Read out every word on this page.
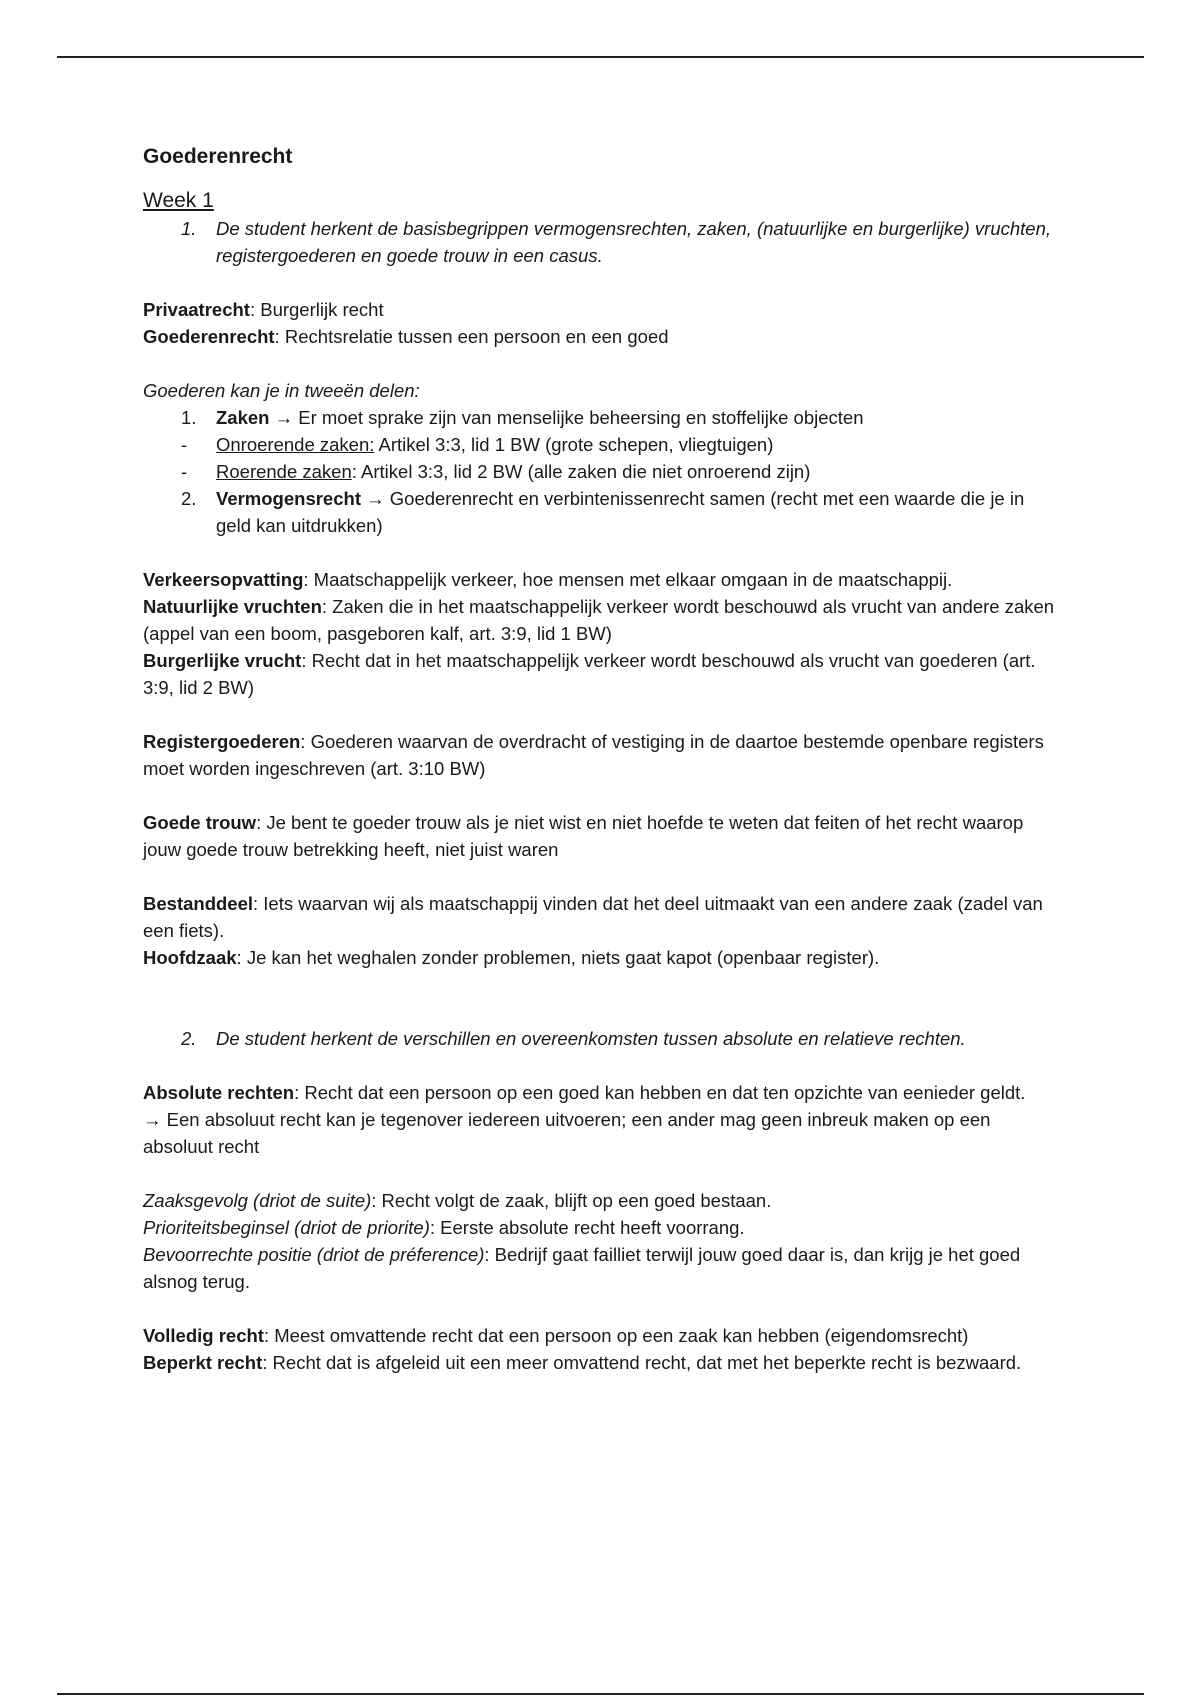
Goederenrecht
Week 1
1. De student herkent de basisbegrippen vermogensrechten, zaken, (natuurlijke en burgerlijke) vruchten, registergoederen en goede trouw in een casus.
Privaatrecht: Burgerlijk recht
Goederenrecht: Rechtsrelatie tussen een persoon en een goed
Goederen kan je in tweeën delen:
1. Zaken → Er moet sprake zijn van menselijke beheersing en stoffelijke objecten
- Onroerende zaken: Artikel 3:3, lid 1 BW (grote schepen, vliegtuigen)
- Roerende zaken: Artikel 3:3, lid 2 BW (alle zaken die niet onroerend zijn)
2. Vermogensrecht → Goederenrecht en verbintenissenrecht samen (recht met een waarde die je in geld kan uitdrukken)
Verkeersopvatting: Maatschappelijk verkeer, hoe mensen met elkaar omgaan in de maatschappij.
Natuurlijke vruchten: Zaken die in het maatschappelijk verkeer wordt beschouwd als vrucht van andere zaken (appel van een boom, pasgeboren kalf, art. 3:9, lid 1 BW)
Burgerlijke vrucht: Recht dat in het maatschappelijk verkeer wordt beschouwd als vrucht van goederen (art. 3:9, lid 2 BW)
Registergoederen: Goederen waarvan de overdracht of vestiging in de daartoe bestemde openbare registers moet worden ingeschreven (art. 3:10 BW)
Goede trouw: Je bent te goeder trouw als je niet wist en niet hoefde te weten dat feiten of het recht waarop jouw goede trouw betrekking heeft, niet juist waren
Bestanddeel: Iets waarvan wij als maatschappij vinden dat het deel uitmaakt van een andere zaak (zadel van een fiets).
Hoofdzaak: Je kan het weghalen zonder problemen, niets gaat kapot (openbaar register).
2. De student herkent de verschillen en overeenkomsten tussen absolute en relatieve rechten.
Absolute rechten: Recht dat een persoon op een goed kan hebben en dat ten opzichte van eenieder geldt.
→ Een absoluut recht kan je tegenover iedereen uitvoeren; een ander mag geen inbreuk maken op een absoluut recht
Zaaksgevolg (driot de suite): Recht volgt de zaak, blijft op een goed bestaan.
Prioriteitsbeginsel (driot de priorite): Eerste absolute recht heeft voorrang.
Bevoorrechte positie (driot de préference): Bedrijf gaat failliet terwijl jouw goed daar is, dan krijg je het goed alsnog terug.
Volledig recht: Meest omvattende recht dat een persoon op een zaak kan hebben (eigendomsrecht)
Beperkt recht: Recht dat is afgeleid uit een meer omvattend recht, dat met het beperkte recht is bezwaard.
